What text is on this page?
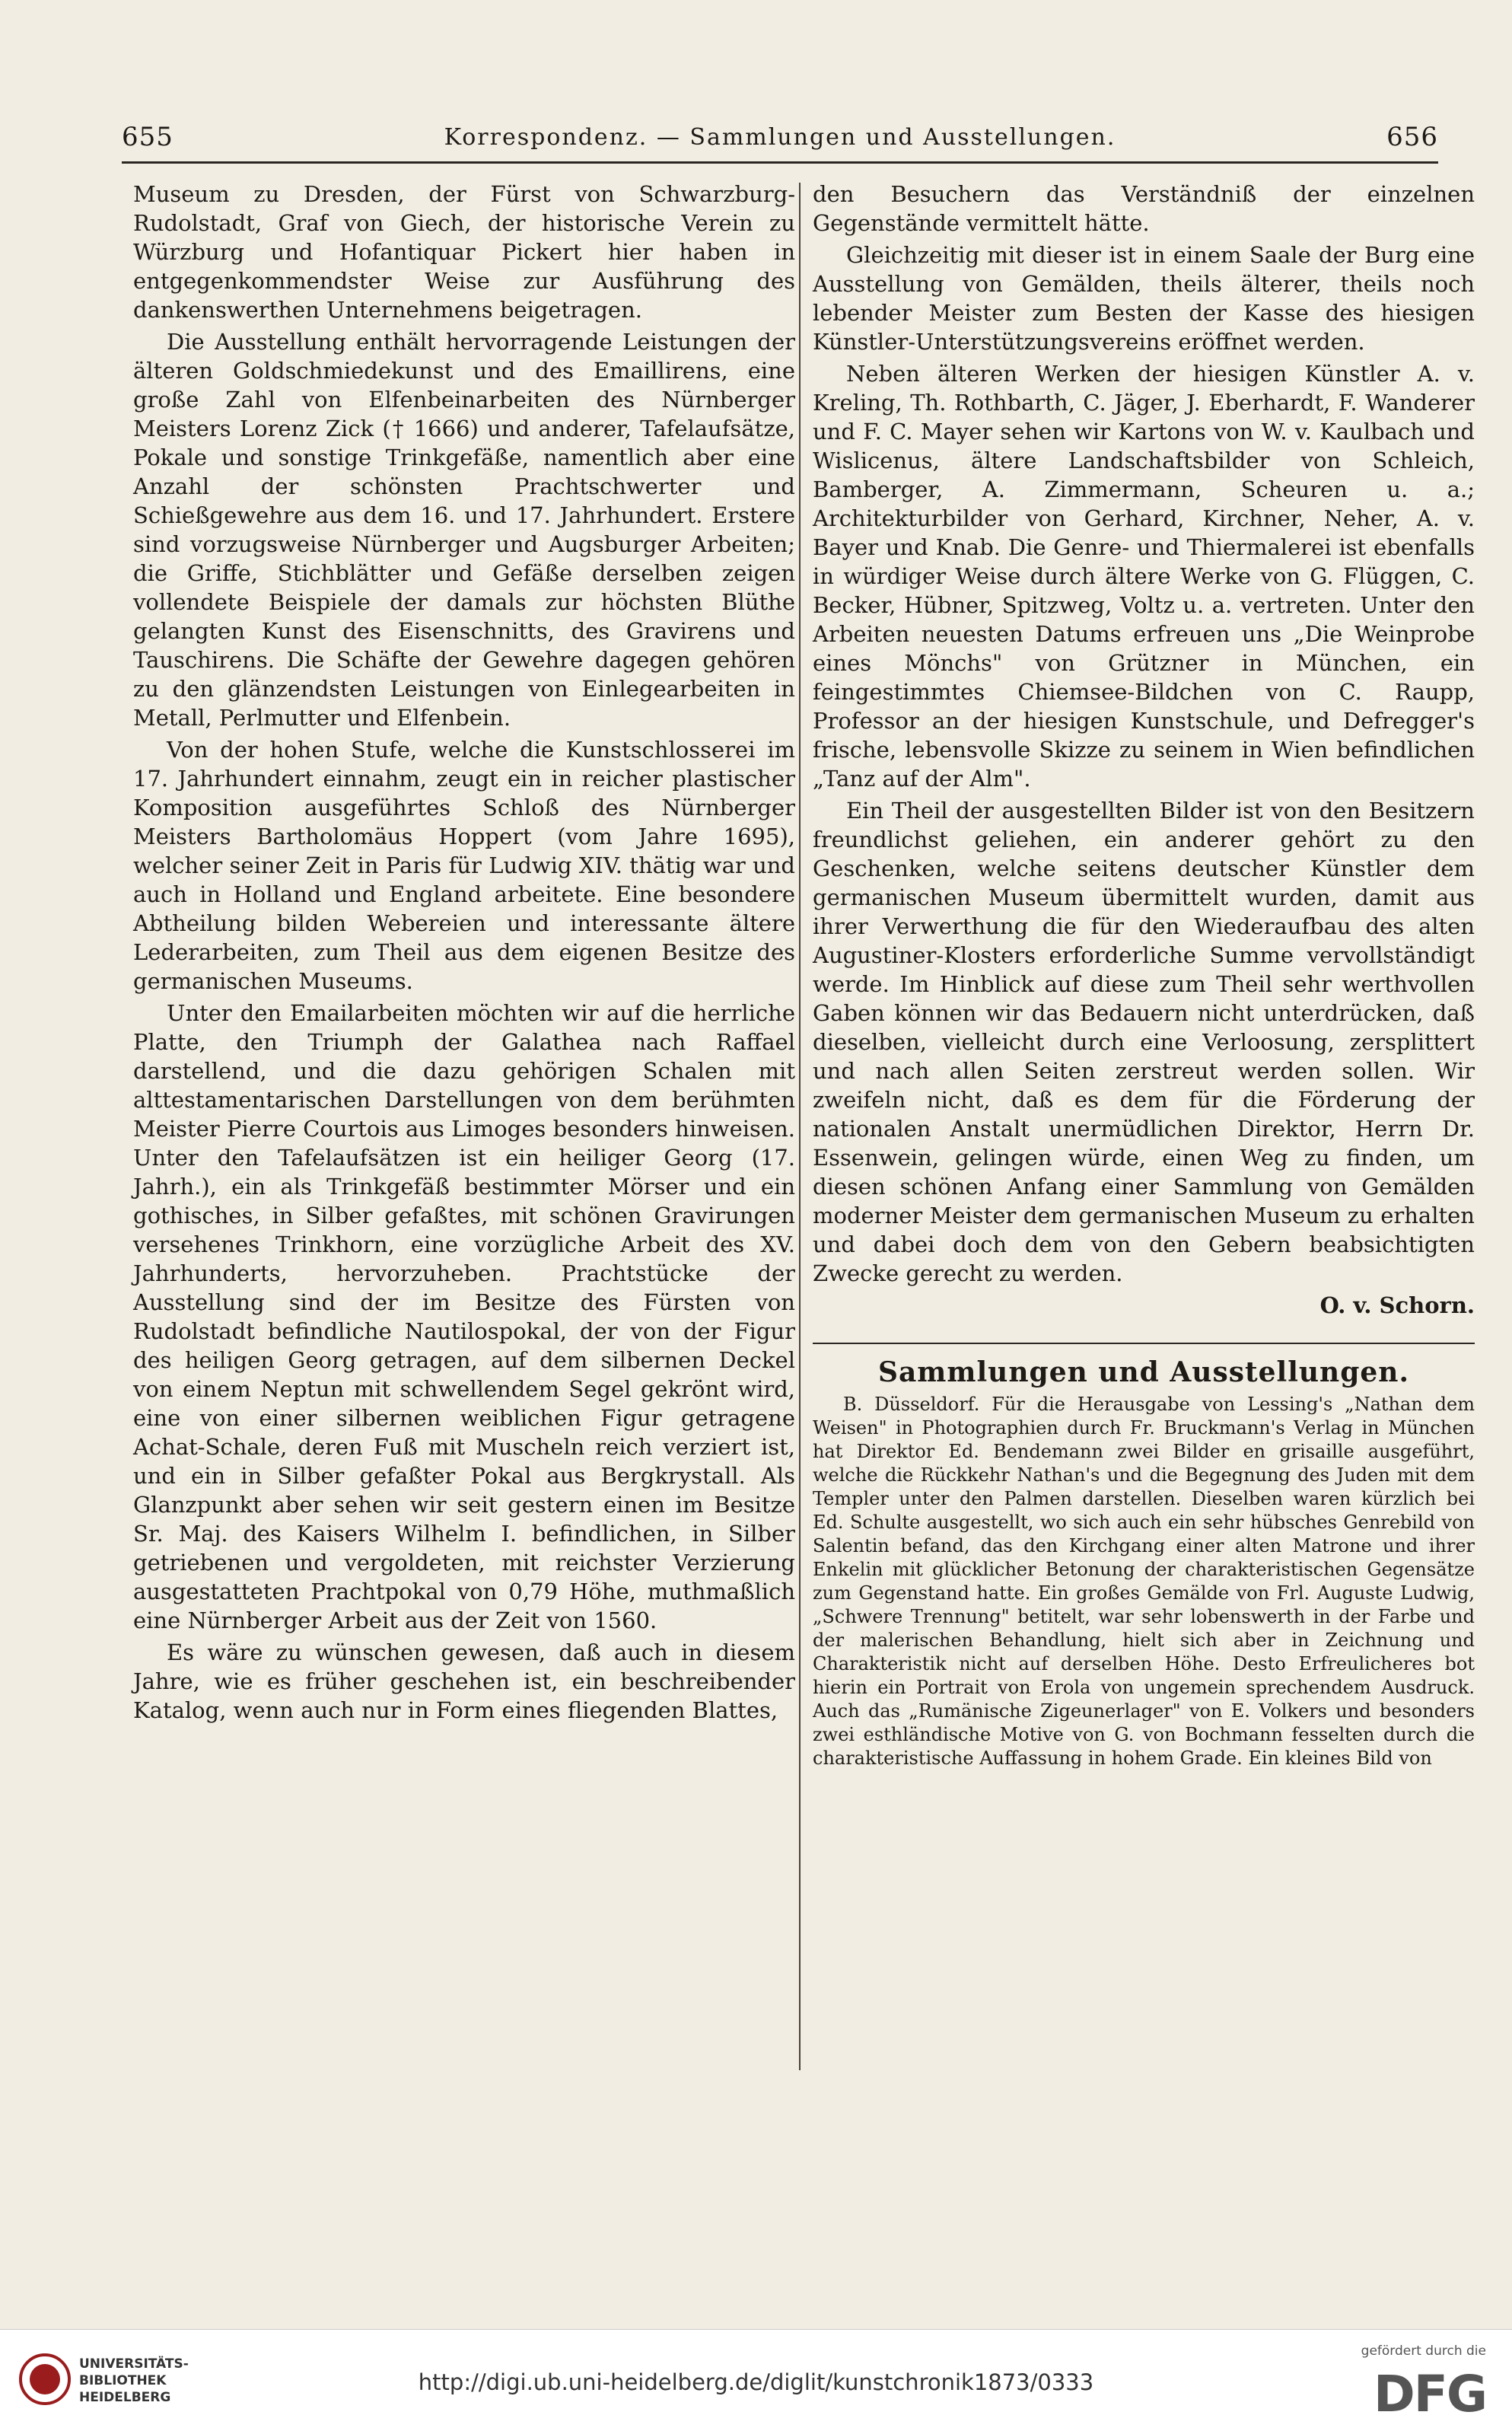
655	Korrespondenz. — Sammlungen und Ausstellungen.	656

Museum zu Dresden, der Fürst von Schwarzburg-Rudolstadt, Graf von Giech, der historische Verein zu Würzburg und Hofantiquar Pickert hier haben in entgegenkommendster Weise zur Ausführung des dankenswerthen Unternehmens beigetragen.

Die Ausstellung enthält hervorragende Leistungen der älteren Goldschmiedekunst und des Emaillirens, eine große Zahl von Elfenbeinarbeiten des Nürnberger Meisters Lorenz Zick († 1666) und anderer, Tafelaufsätze, Pokale und sonstige Trinkgefäße, namentlich aber eine Anzahl der schönsten Prachtschwerter und Schießgewehre aus dem 16. und 17. Jahrhundert. Erstere sind vorzugsweise Nürnberger und Augsburger Arbeiten; die Griffe, Stichblätter und Gefäße derselben zeigen vollendete Beispiele der damals zur höchsten Blüthe gelangten Kunst des Eisenschnitts, des Gravirens und Tauschirens. Die Schäfte der Gewehre dagegen gehören zu den glänzendsten Leistungen von Einlegearbeiten in Metall, Perlmutter und Elfenbein.

Von der hohen Stufe, welche die Kunstschlosserei im 17. Jahrhundert einnahm, zeugt ein in reicher plastischer Komposition ausgeführtes Schloß des Nürnberger Meisters Bartholomäus Hoppert (vom Jahre 1695), welcher seiner Zeit in Paris für Ludwig XIV. thätig war und auch in Holland und England arbeitete. Eine besondere Abtheilung bilden Webereien und interessante ältere Lederarbeiten, zum Theil aus dem eigenen Besitze des germanischen Museums.

Unter den Emailarbeiten möchten wir auf die herrliche Platte, den Triumph der Galathea nach Raffael darstellend, und die dazu gehörigen Schalen mit alttestamentarischen Darstellungen von dem berühmten Meister Pierre Courtois aus Limoges besonders hinweisen. Unter den Tafelaufsätzen ist ein heiliger Georg (17. Jahrh.), ein als Trinkgefäß bestimmter Mörser und ein gothisches, in Silber gefaßtes, mit schönen Gravirungen versehenes Trinkhorn, eine vorzügliche Arbeit des XV. Jahrhunderts, hervorzuheben. Prachtstücke der Ausstellung sind der im Besitze des Fürsten von Rudolstadt befindliche Nautilospokal, der von der Figur des heiligen Georg getragen, auf dem silbernen Deckel von einem Neptun mit schwellendem Segel gekrönt wird, eine von einer silbernen weiblichen Figur getragene Achat-Schale, deren Fuß mit Muscheln reich verziert ist, und ein in Silber gefaßter Pokal aus Bergkrystall. Als Glanzpunkt aber sehen wir seit gestern einen im Besitze Sr. Maj. des Kaisers Wilhelm I. befindlichen, in Silber getriebenen und vergoldeten, mit reichster Verzierung ausgestatteten Prachtpokal von 0,79 Höhe, muthmaßlich eine Nürnberger Arbeit aus der Zeit von 1560.

Es wäre zu wünschen gewesen, daß auch in diesem Jahre, wie es früher geschehen ist, ein beschreibender Katalog, wenn auch nur in Form eines fliegenden Blattes,

den Besuchern das Verständniß der einzelnen Gegenstände vermittelt hätte.

Gleichzeitig mit dieser ist in einem Saale der Burg eine Ausstellung von Gemälden, theils älterer, theils noch lebender Meister zum Besten der Kasse des hiesigen Künstler-Unterstützungsvereins eröffnet werden.

Neben älteren Werken der hiesigen Künstler A. v. Kreling, Th. Rothbarth, C. Jäger, J. Eberhardt, F. Wanderer und F. C. Mayer sehen wir Kartons von W. v. Kaulbach und Wislicenus, ältere Landschaftsbilder von Schleich, Bamberger, A. Zimmermann, Scheuren u. a.; Architekturbilder von Gerhard, Kirchner, Neher, A. v. Bayer und Knab. Die Genre- und Thiermalerei ist ebenfalls in würdiger Weise durch ältere Werke von G. Flüggen, C. Becker, Hübner, Spitzweg, Voltz u. a. vertreten. Unter den Arbeiten neuesten Datums erfreuen uns „Die Weinprobe eines Mönchs" von Grützner in München, ein feingestimmtes Chiemsee-Bildchen von C. Raupp, Professor an der hiesigen Kunstschule, und Defregger's frische, lebensvolle Skizze zu seinem in Wien befindlichen „Tanz auf der Alm".

Ein Theil der ausgestellten Bilder ist von den Besitzern freundlichst geliehen, ein anderer gehört zu den Geschenken, welche seitens deutscher Künstler dem germanischen Museum übermittelt wurden, damit aus ihrer Verwerthung die für den Wiederaufbau des alten Augustiner-Klosters erforderliche Summe vervollständigt werde. Im Hinblick auf diese zum Theil sehr werthvollen Gaben können wir das Bedauern nicht unterdrücken, daß dieselben, vielleicht durch eine Verloosung, zersplittert und nach allen Seiten zerstreut werden sollen. Wir zweifeln nicht, daß es dem für die Förderung der nationalen Anstalt unermüdlichen Direktor, Herrn Dr. Essenwein, gelingen würde, einen Weg zu finden, um diesen schönen Anfang einer Sammlung von Gemälden moderner Meister dem germanischen Museum zu erhalten und dabei doch dem von den Gebern beabsichtigten Zwecke gerecht zu werden.

O. v. Schorn.

Sammlungen und Ausstellungen.

B. Düsseldorf. Für die Herausgabe von Lessing's „Nathan dem Weisen" in Photographien durch Fr. Bruckmann's Verlag in München hat Direktor Ed. Bendemann zwei Bilder en grisaille ausgeführt, welche die Rückkehr Nathan's und die Begegnung des Juden mit dem Templer unter den Palmen darstellen. Dieselben waren kürzlich bei Ed. Schulte ausgestellt, wo sich auch ein sehr hübsches Genrebild von Salentin befand, das den Kirchgang einer alten Matrone und ihrer Enkelin mit glücklicher Betonung der charakteristischen Gegensätze zum Gegenstand hatte. Ein großes Gemälde von Frl. Auguste Ludwig, „Schwere Trennung" betitelt, war sehr lobenswerth in der Farbe und der malerischen Behandlung, hielt sich aber in Zeichnung und Charakteristik nicht auf derselben Höhe. Desto Erfreulicheres bot hierin ein Portrait von Erola von ungemein sprechendem Ausdruck. Auch das „Rumänische Zigeunerlager" von E. Volkers und besonders zwei esthländische Motive von G. von Bochmann fesselten durch die charakteristische Auffassung in hohem Grade. Ein kleines Bild von

UNIVERSITÄTS-
BIBLIOTHEK
HEIDELBERG
http://digi.ub.uni-heidelberg.de/diglit/kunstchronik1873/0333
gefördert durch die
DFG
